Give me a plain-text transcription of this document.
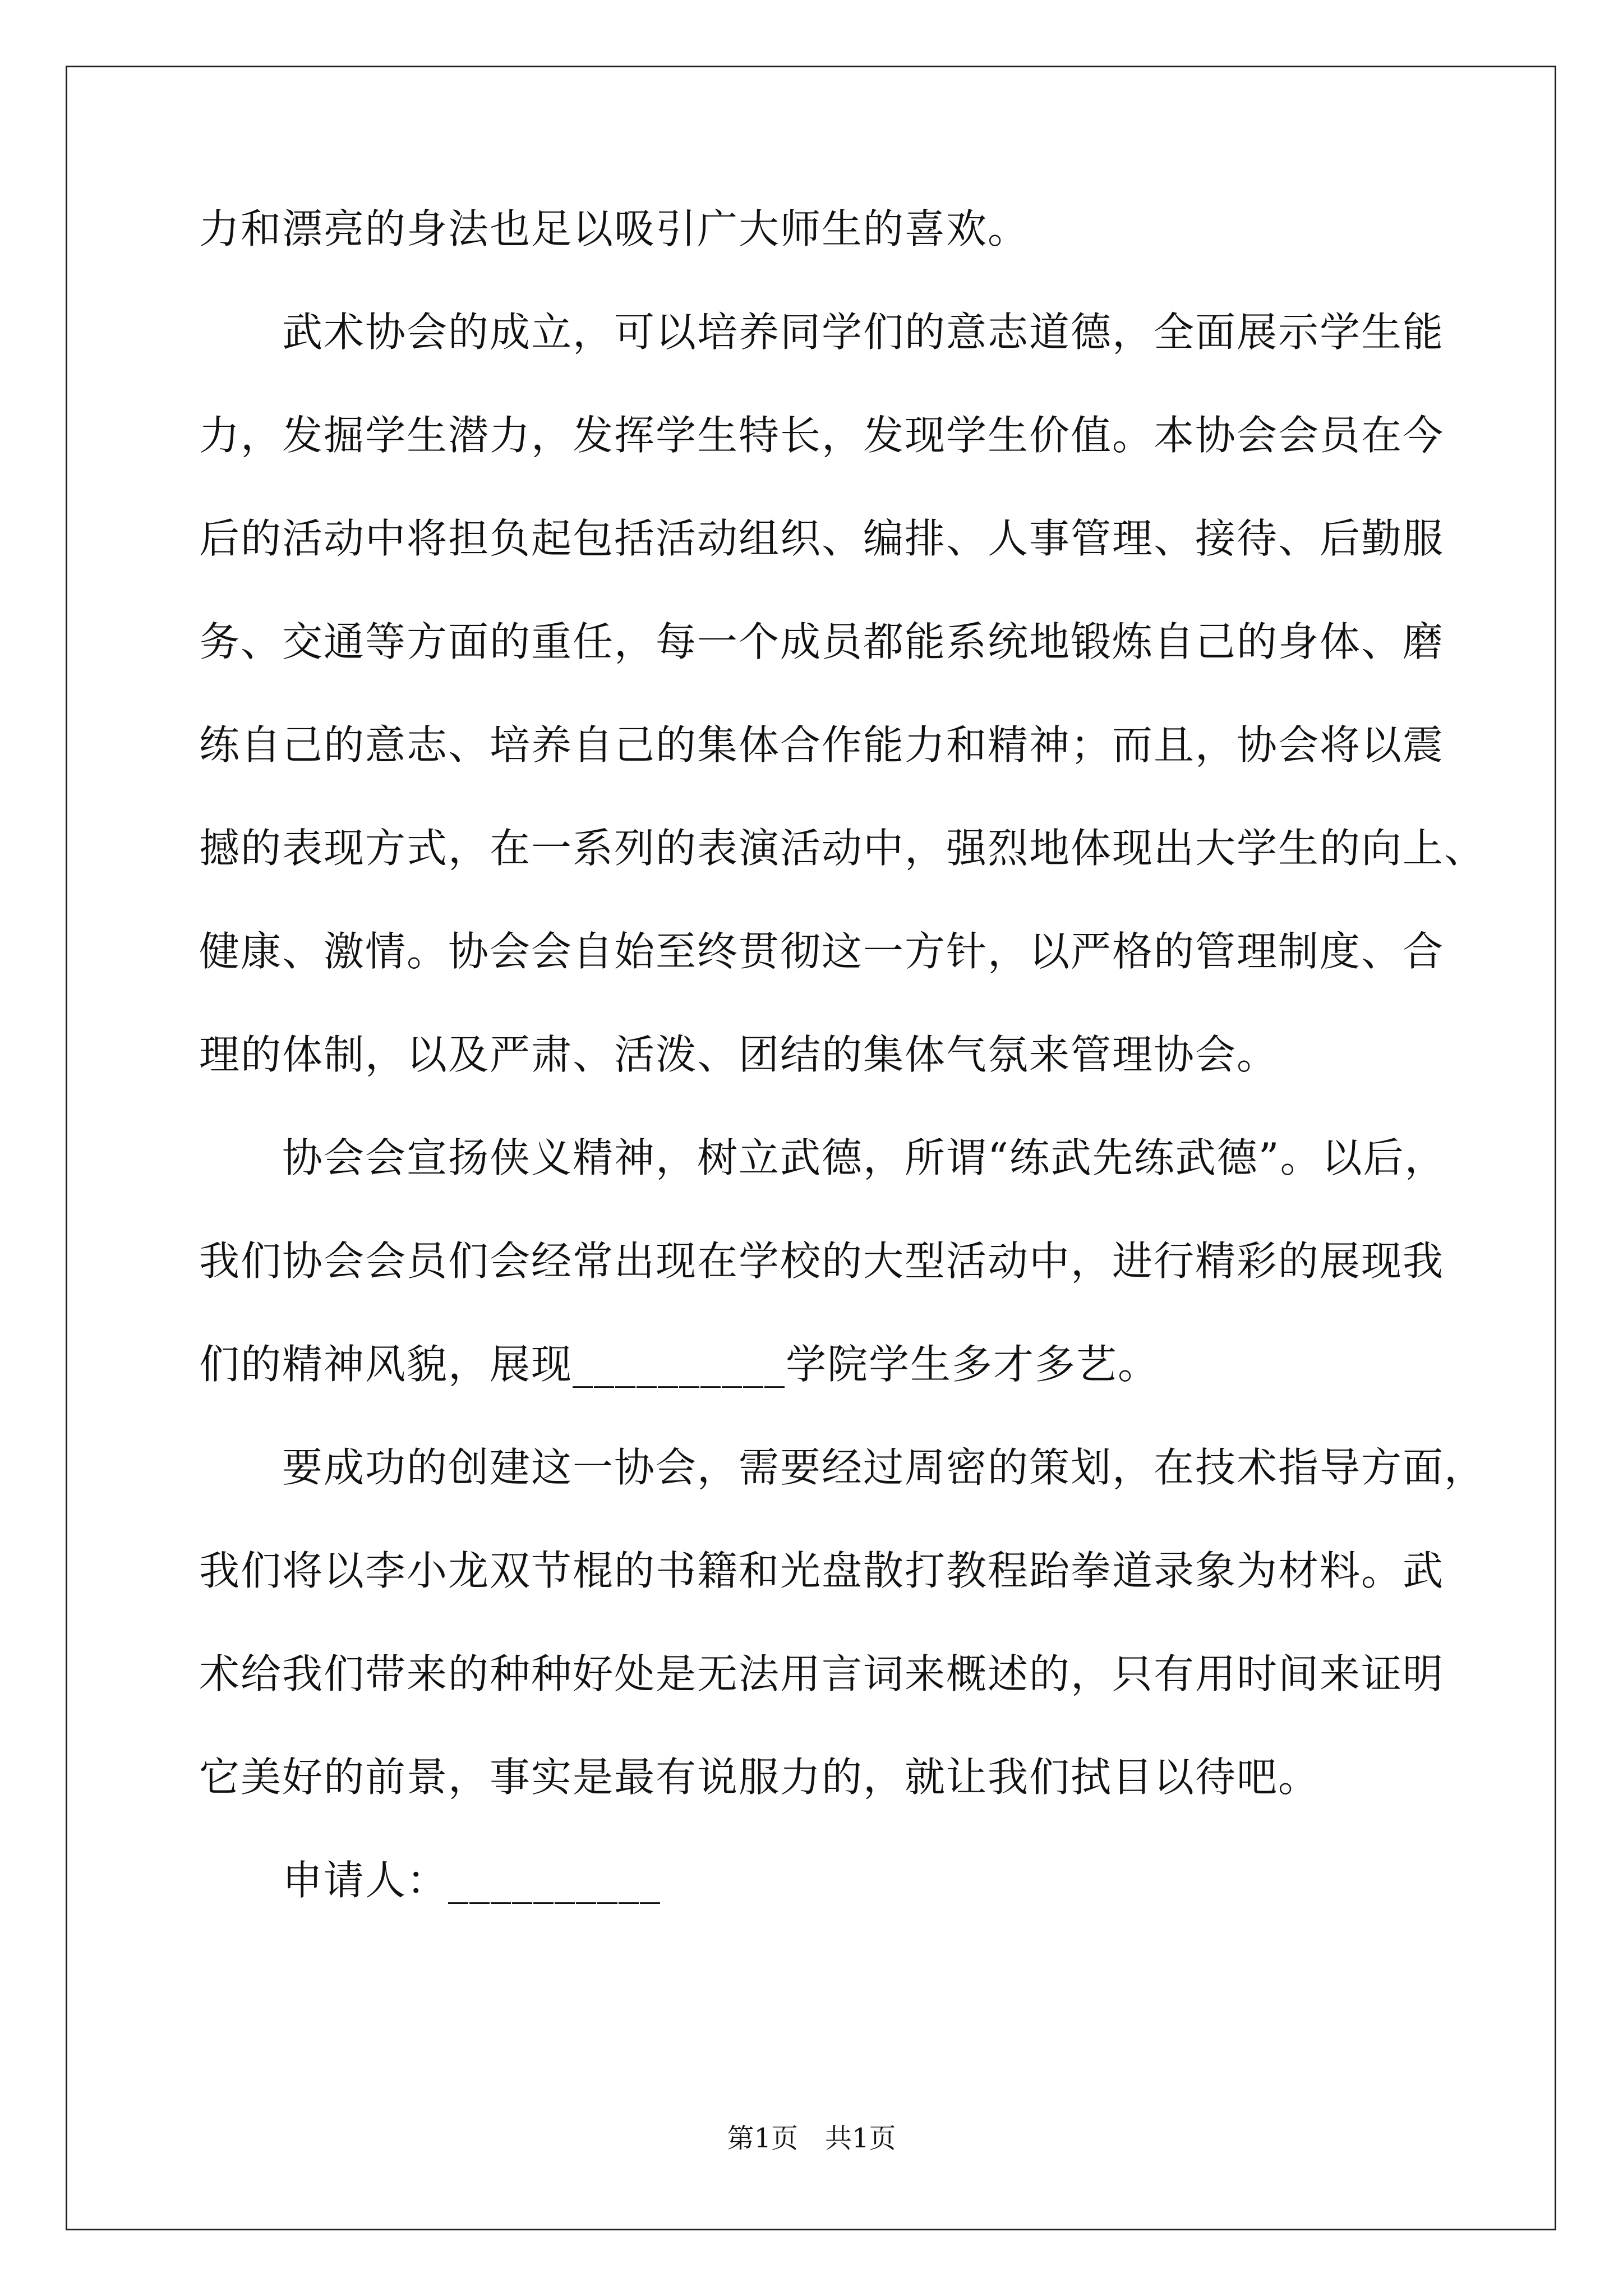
力和漂亮的身法也足以吸引广大师生的喜欢。
武术协会的成立，可以培养同学们的意志道德，全面展示学生能
力，发掘学生潜力，发挥学生特长，发现学生价值。本协会会员在今
后的活动中将担负起包括活动组织、编排、人事管理、接待、后勤服
务、交通等方面的重任，每一个成员都能系统地锻炼自己的身体、磨
练自己的意志、培养自己的集体合作能力和精神；而且，协会将以震
撼的表现方式，在一系列的表演活动中，强烈地体现出大学生的向上、
健康、激情。协会会自始至终贯彻这一方针，以严格的管理制度、合
理的体制，以及严肃、活泼、团结的集体气氛来管理协会。
协会会宣扬侠义精神，树立武德，所谓“练武先练武德”。以后，
我们协会会员们会经常出现在学校的大型活动中，进行精彩的展现我
们的精神风貌，展现__________学院学生多才多艺。
要成功的创建这一协会，需要经过周密的策划，在技术指导方面，
我们将以李小龙双节棍的书籍和光盘散打教程跆拳道录象为材料。武
术给我们带来的种种好处是无法用言词来概述的，只有用时间来证明
它美好的前景，事实是最有说服力的，就让我们拭目以待吧。
申请人：__________
第1页　共1页
